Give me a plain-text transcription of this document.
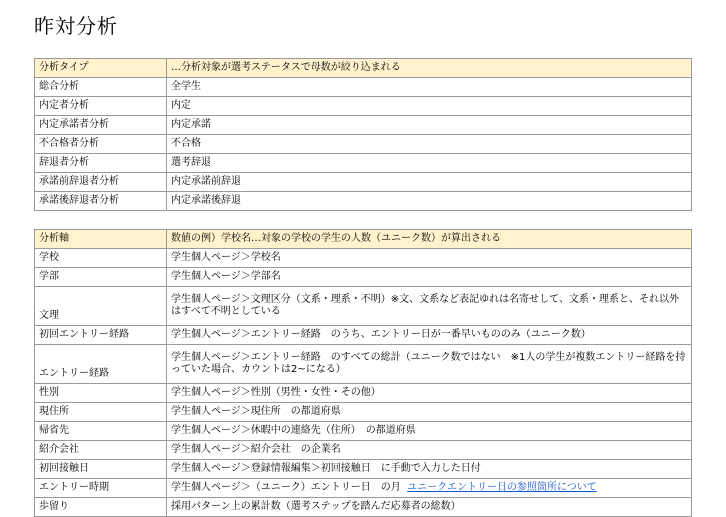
昨対分析
分析タイプ	…分析対象が選考ステータスで母数が絞り込まれる
総合分析	全学生
内定者分析	内定
内定承諾者分析	内定承諾
不合格者分析	不合格
辞退者分析	選考辞退
承諾前辞退者分析	内定承諾前辞退
承諾後辞退者分析	内定承諾後辞退
分析軸	数値の例）学校名…対象の学校の学生の人数（ユニーク数）が算出される
学校	学生個人ページ＞学校名
学部	学生個人ページ＞学部名
文理	学生個人ページ＞文理区分（文系・理系・不明）※文、文系など表記ゆれは名寄せして、文系・理系と、それ以外はすべて不明としている
初回エントリー経路	学生個人ページ＞エントリー経路　のうち、エントリー日が一番早いもののみ（ユニーク数）
エントリー経路	学生個人ページ＞エントリー経路　のすべての総計（ユニーク数ではない　※1人の学生が複数エントリー経路を持っていた場合、カウントは2~になる）
性別	学生個人ページ＞性別（男性・女性・その他）
現住所	学生個人ページ＞現住所　の都道府県
帰省先	学生個人ページ＞休暇中の連絡先（住所）　の都道府県
紹介会社	学生個人ページ＞紹介会社　の企業名
初回接触日	学生個人ページ＞登録情報編集＞初回接触日　に手動で入力した日付
エントリー時期	学生個人ページ＞（ユニーク）エントリー日　の月 ユニークエントリー日の参照箇所について
歩留り	採用パターン上の累計数（選考ステップを踏んだ応募者の総数）
